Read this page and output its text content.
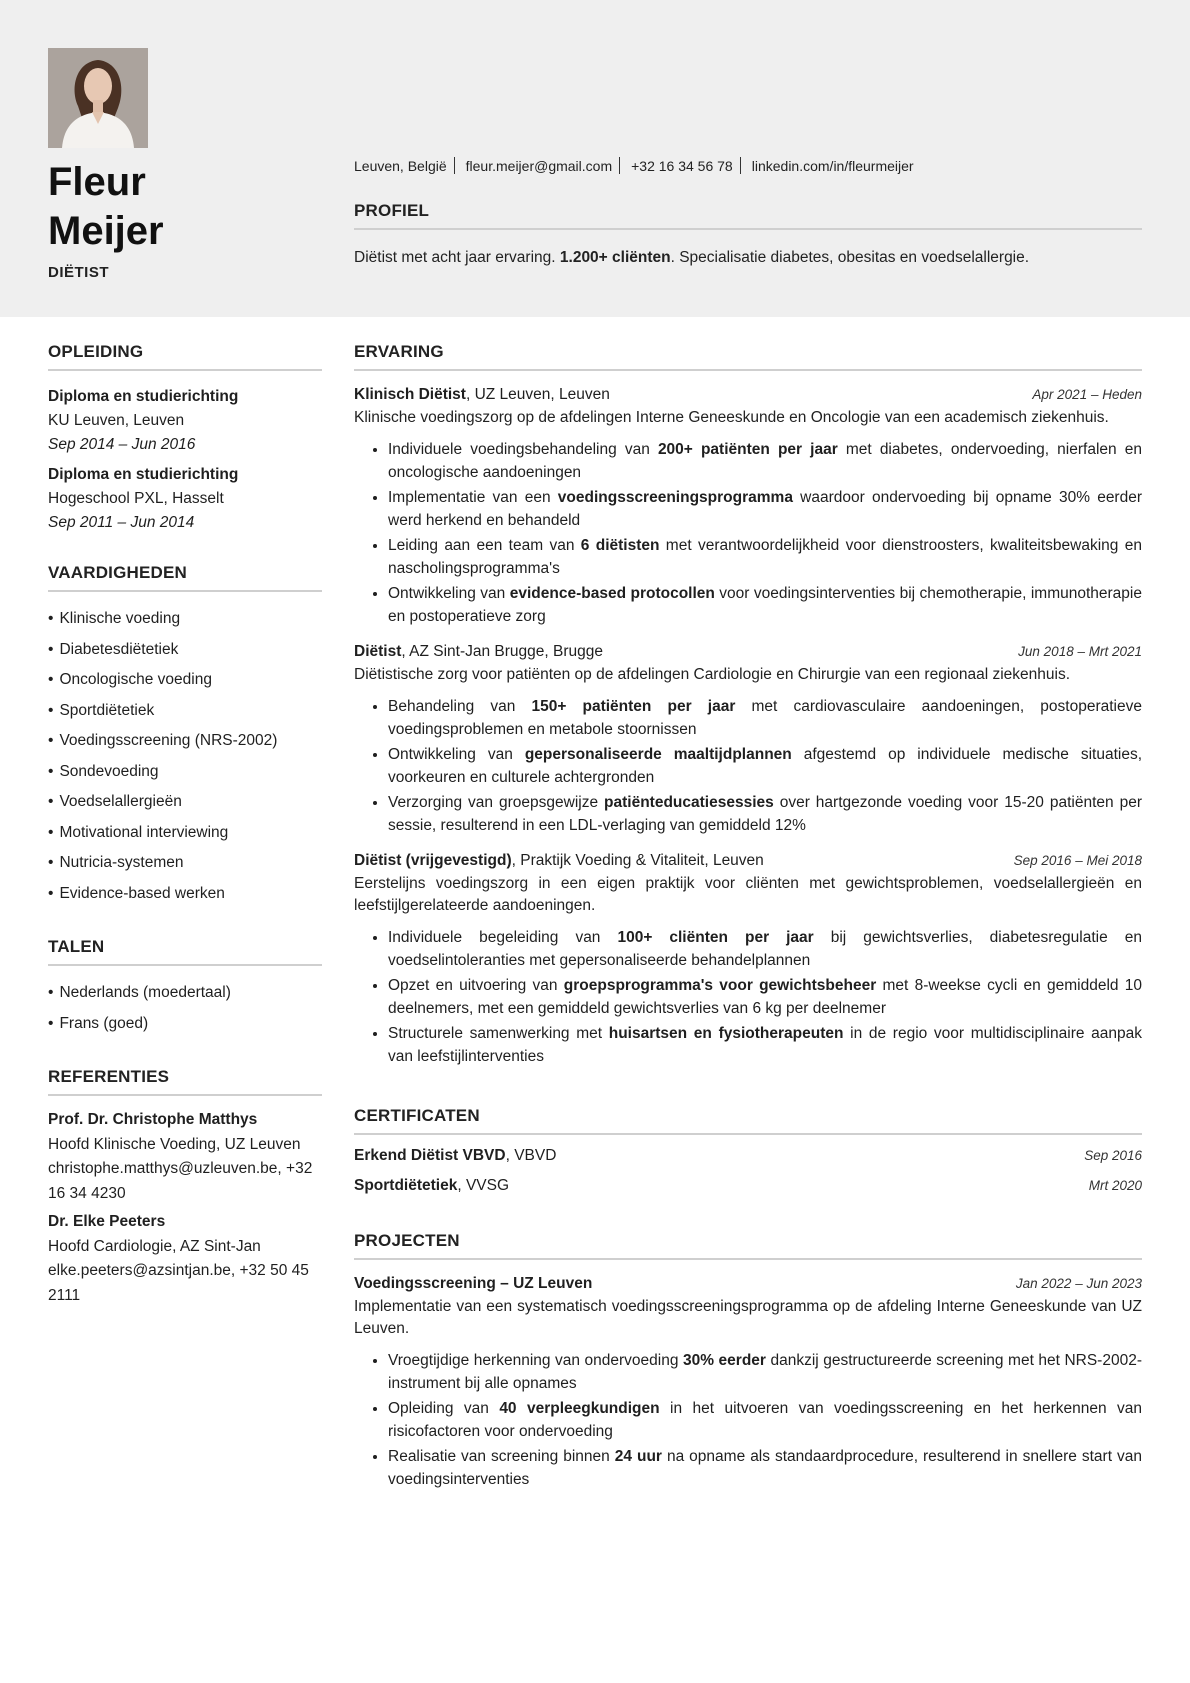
Fleur
Meijer
DIËTIST
Leuven, België fleur.meijer@gmail.com +32 16 34 56 78 linkedin.com/in/fleurmeijer
PROFIEL
Diëtist met acht jaar ervaring. 1.200+ cliënten. Specialisatie diabetes, obesitas en voedselallergie.
OPLEIDING
Diploma en studierichting
KU Leuven, Leuven
Sep 2014 – Jun 2016
Diploma en studierichting
Hogeschool PXL, Hasselt
Sep 2011 – Jun 2014
VAARDIGHEDEN
• Klinische voeding
• Diabetesdiëtetiek
• Oncologische voeding
• Sportdiëtetiek
• Voedingsscreening (NRS-2002)
• Sondevoeding
• Voedselallergieën
• Motivational interviewing
• Nutricia-systemen
• Evidence-based werken
TALEN
• Nederlands (moedertaal)
• Frans (goed)
REFERENTIES
Prof. Dr. Christophe Matthys
Hoofd Klinische Voeding, UZ Leuven
christophe.matthys@uzleuven.be, +32 16 34 4230
Dr. Elke Peeters
Hoofd Cardiologie, AZ Sint-Jan
elke.peeters@azsintjan.be, +32 50 45 2111
ERVARING
Klinisch Diëtist, UZ Leuven, Leuven	Apr 2021 – Heden
Klinische voedingszorg op de afdelingen Interne Geneeskunde en Oncologie van een academisch ziekenhuis.
• Individuele voedingsbehandeling van 200+ patiënten per jaar met diabetes, ondervoeding, nierfalen en oncologische aandoeningen
• Implementatie van een voedingsscreeningsprogramma waardoor ondervoeding bij opname 30% eerder werd herkend en behandeld
• Leiding aan een team van 6 diëtisten met verantwoordelijkheid voor dienstroosters, kwaliteitsbewaking en nascholingsprogramma's
• Ontwikkeling van evidence-based protocollen voor voedingsinterventies bij chemotherapie, immunotherapie en postoperatieve zorg
Diëtist, AZ Sint-Jan Brugge, Brugge	Jun 2018 – Mrt 2021
Diëtistische zorg voor patiënten op de afdelingen Cardiologie en Chirurgie van een regionaal ziekenhuis.
• Behandeling van 150+ patiënten per jaar met cardiovasculaire aandoeningen, postoperatieve voedingsproblemen en metabole stoornissen
• Ontwikkeling van gepersonaliseerde maaltijdplannen afgestemd op individuele medische situaties, voorkeuren en culturele achtergronden
• Verzorging van groepsgewijze patiënteducatiesessies over hartgezonde voeding voor 15-20 patiënten per sessie, resulterend in een LDL-verlaging van gemiddeld 12%
Diëtist (vrijgevestigd), Praktijk Voeding & Vitaliteit, Leuven	Sep 2016 – Mei 2018
Eerstelijns voedingszorg in een eigen praktijk voor cliënten met gewichtsproblemen, voedselallergieën en leefstijlgerelateerde aandoeningen.
• Individuele begeleiding van 100+ cliënten per jaar bij gewichtsverlies, diabetesregulatie en voedselintoleranties met gepersonaliseerde behandelplannen
• Opzet en uitvoering van groepsprogramma's voor gewichtsbeheer met 8-weekse cycli en gemiddeld 10 deelnemers, met een gemiddeld gewichtsverlies van 6 kg per deelnemer
• Structurele samenwerking met huisartsen en fysiotherapeuten in de regio voor multidisciplinaire aanpak van leefstijlinterventies
CERTIFICATEN
Erkend Diëtist VBVD, VBVD	Sep 2016
Sportdiëtetiek, VVSG	Mrt 2020
PROJECTEN
Voedingsscreening – UZ Leuven	Jan 2022 – Jun 2023
Implementatie van een systematisch voedingsscreeningsprogramma op de afdeling Interne Geneeskunde van UZ Leuven.
• Vroegtijdige herkenning van ondervoeding 30% eerder dankzij gestructureerde screening met het NRS-2002-instrument bij alle opnames
• Opleiding van 40 verpleegkundigen in het uitvoeren van voedingsscreening en het herkennen van risicofactoren voor ondervoeding
• Realisatie van screening binnen 24 uur na opname als standaardprocedure, resulterend in snellere start van voedingsinterventies
